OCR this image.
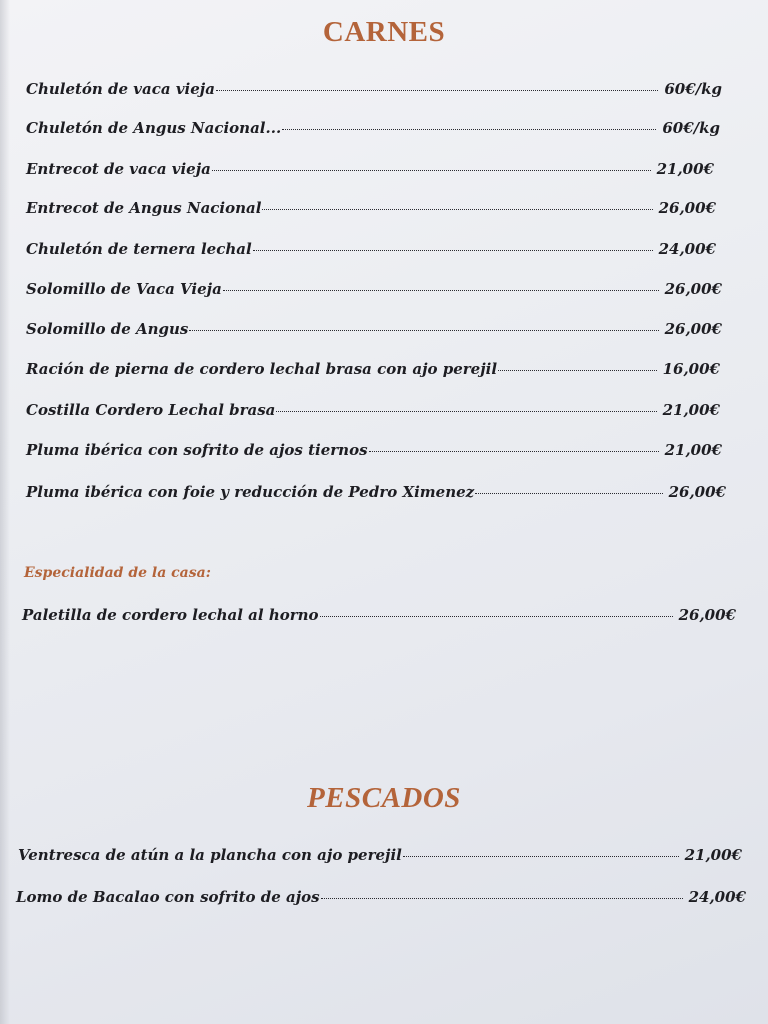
CARNES
Chuletón de vaca vieja	60€/kg
Chuletón de Angus Nacional...	60€/kg
Entrecot de vaca vieja	21,00€
Entrecot de Angus Nacional	26,00€
Chuletón de ternera lechal	24,00€
Solomillo de Vaca Vieja	26,00€
Solomillo de Angus	26,00€
Ración de pierna de cordero lechal brasa con ajo perejil	16,00€
Costilla Cordero Lechal brasa	21,00€
Pluma ibérica con sofrito de ajos tiernos	21,00€
Pluma ibérica con foie y reducción de Pedro Ximenez	26,00€

Especialidad de la casa:

Paletilla de cordero lechal al horno	26,00€
PESCADOS
Ventresca de atún a la plancha con ajo perejil	21,00€
Lomo de Bacalao con sofrito de ajos	24,00€
